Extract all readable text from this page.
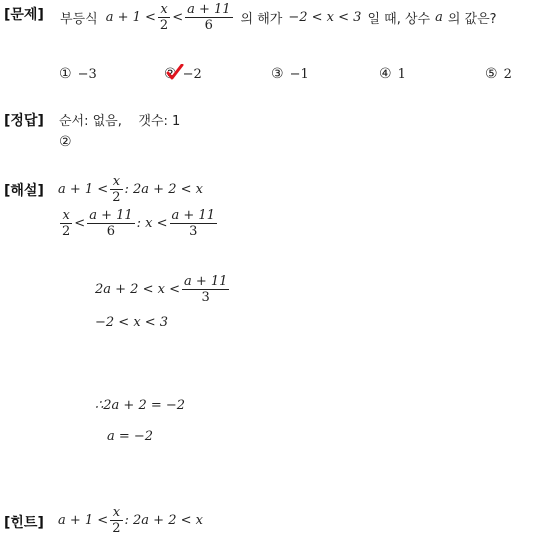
[문제] 부등식 $a + 1 < \frac{x}{2} < \frac{a + 11}{6}$ 의 해가 −2 < x < 3 일 때, 상수 a 의 값은?
① −3	② −2	③ −1	④ 1	⑤ 2
[정답] 순서: 없음,    갯수: 1
②
[해설] $a + 1 < \frac{x}{2}$ : 2a + 2 < x
$\frac{x}{2} < \frac{a + 11}{6}$ : $x < \frac{a + 11}{3}$
$2a + 2 < x < \frac{a + 11}{3}$
−2 < x < 3
∴2a + 2 = −2
a = −2
[힌트] $a + 1 < \frac{x}{2}$ : 2a + 2 < x
